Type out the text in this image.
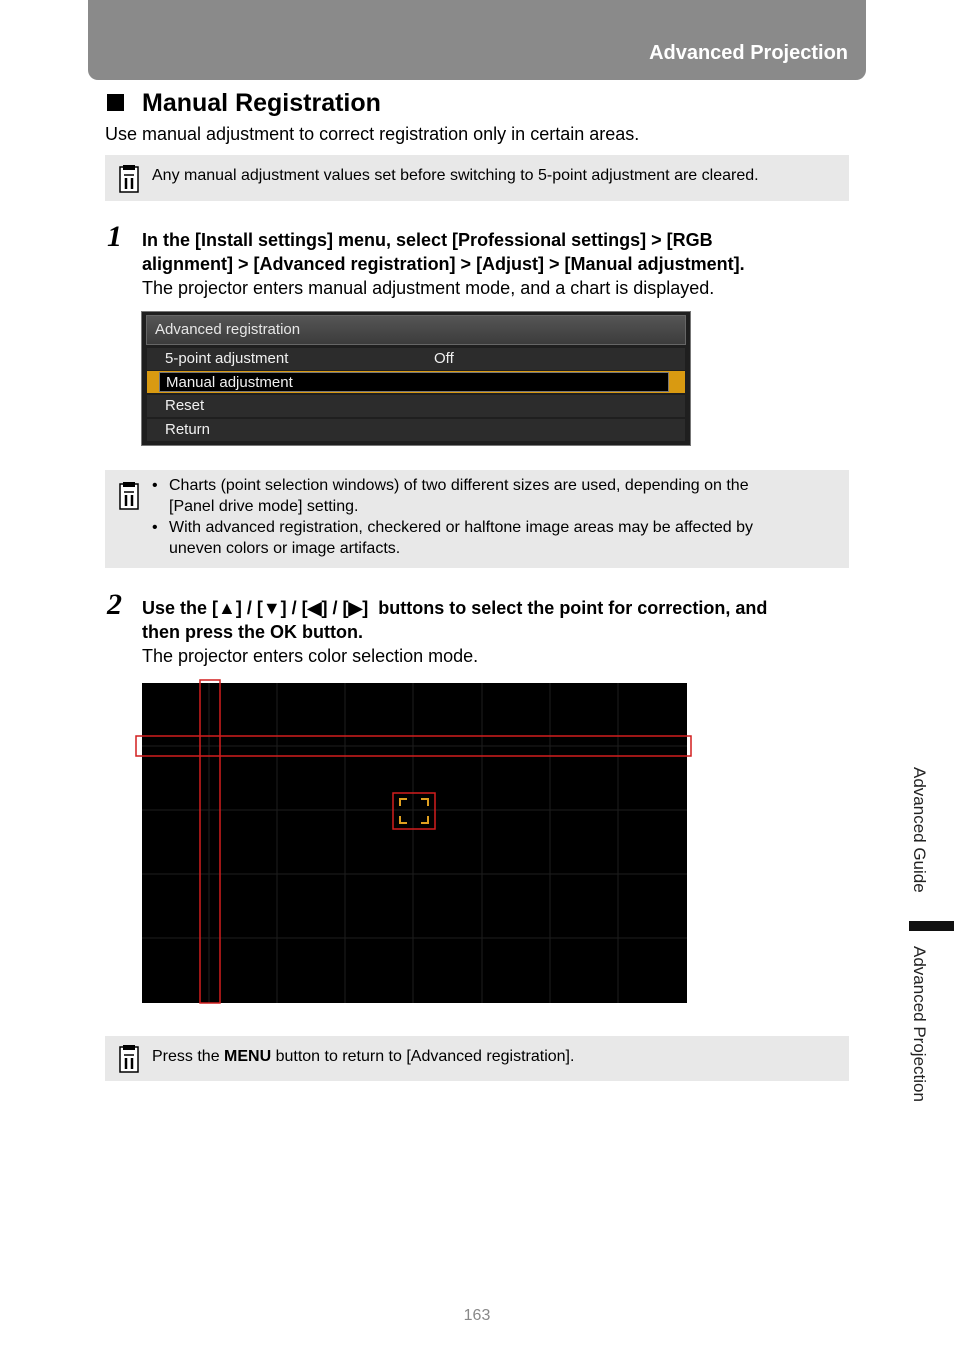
Advanced Projection
Manual Registration
Use manual adjustment to correct registration only in certain areas.
Any manual adjustment values set before switching to 5-point adjustment are cleared.
1 In the [Install settings] menu, select [Professional settings] > [RGB
alignment] > [Advanced registration] > [Adjust] > [Manual adjustment].
The projector enters manual adjustment mode, and a chart is displayed.
Advanced registration
5-point adjustment	Off
Manual adjustment
Reset
Return
• Charts (point selection windows) of two different sizes are used, depending on the
[Panel drive mode] setting.
• With advanced registration, checkered or halftone image areas may be affected by
uneven colors or image artifacts.
2 Use the [▲] / [▼] / [◀] / [▶]  buttons to select the point for correction, and
then press the OK button.
The projector enters color selection mode.
Press the MENU button to return to [Advanced registration].
Advanced Guide
Advanced Projection
163
